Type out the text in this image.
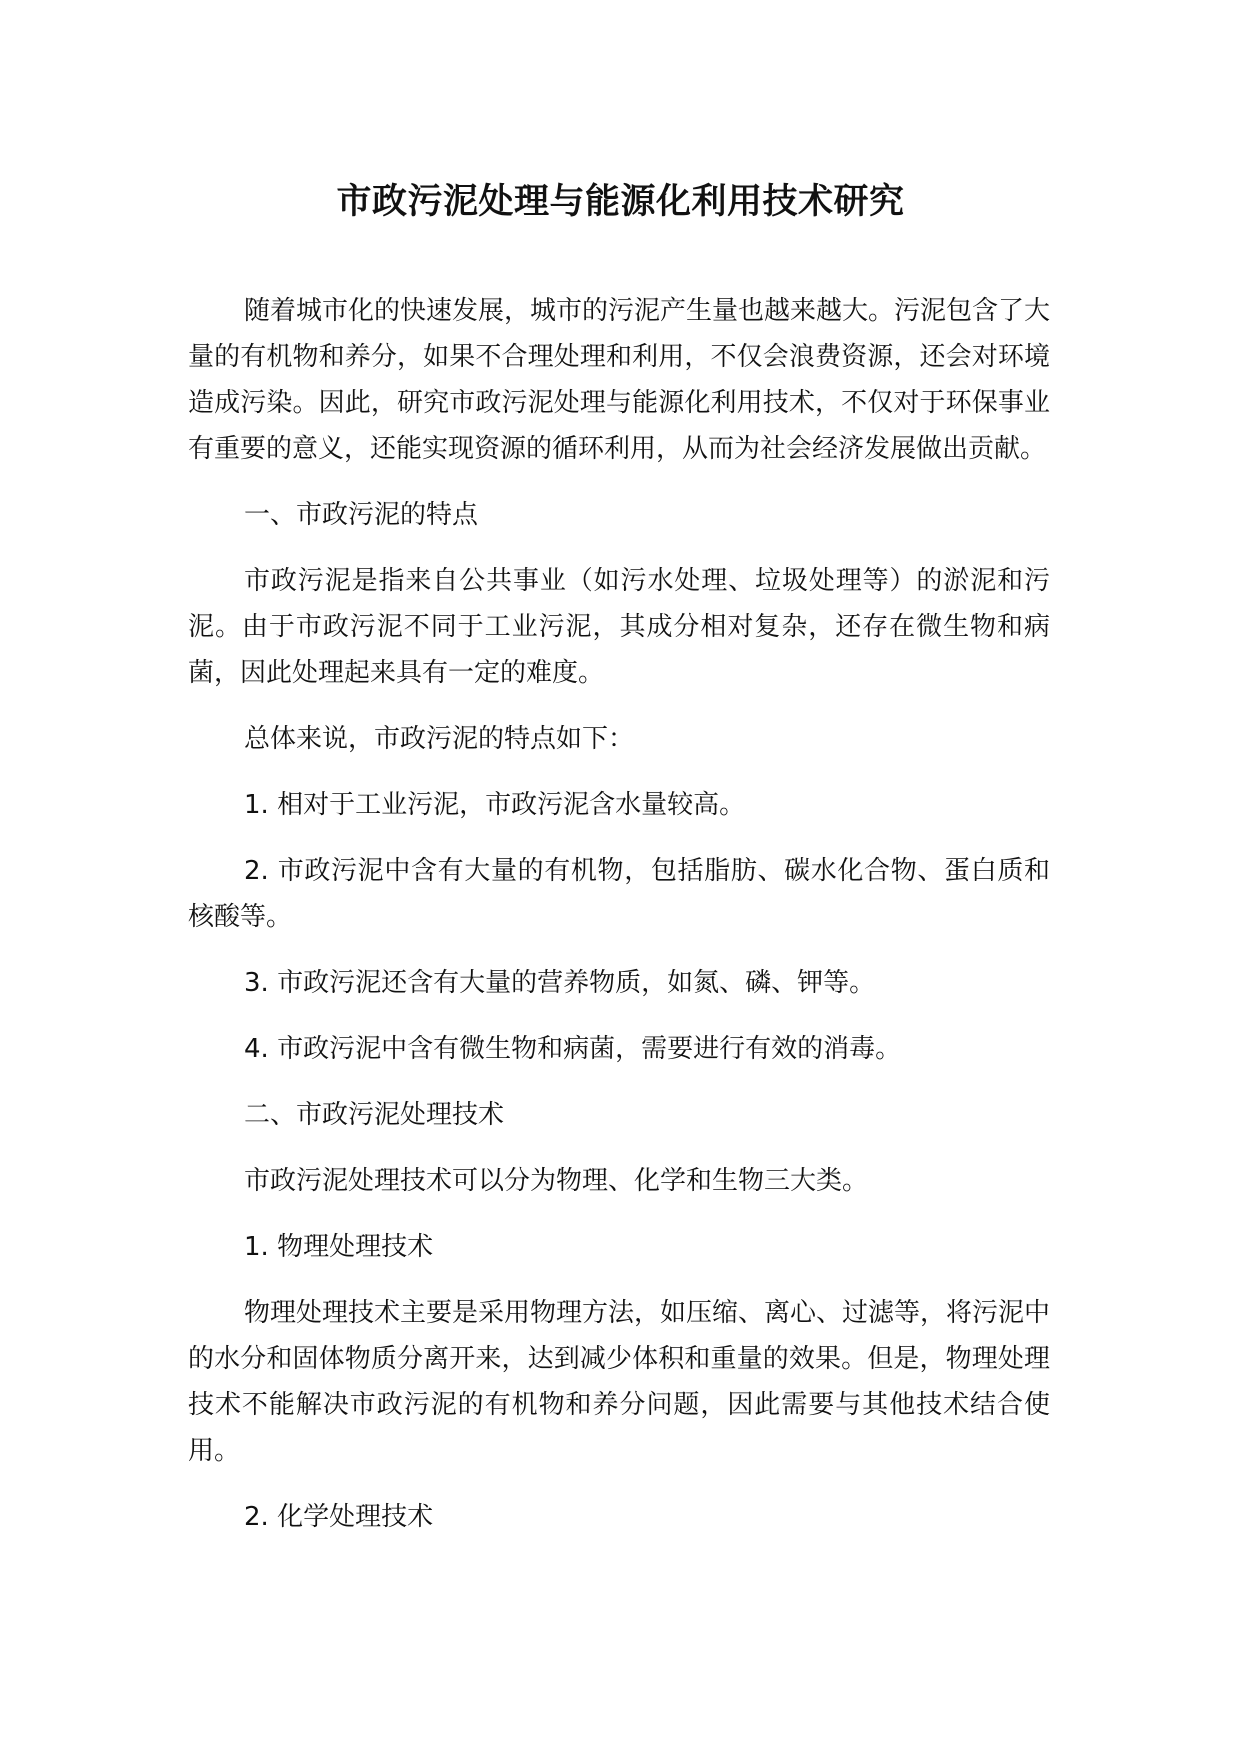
市政污泥处理与能源化利用技术研究

随着城市化的快速发展，城市的污泥产生量也越来越大。污泥包含了大量的有机物和养分，如果不合理处理和利用，不仅会浪费资源，还会对环境造成污染。因此，研究市政污泥处理与能源化利用技术，不仅对于环保事业有重要的意义，还能实现资源的循环利用，从而为社会经济发展做出贡献。

一、市政污泥的特点

市政污泥是指来自公共事业（如污水处理、垃圾处理等）的淤泥和污泥。由于市政污泥不同于工业污泥，其成分相对复杂，还存在微生物和病菌，因此处理起来具有一定的难度。

总体来说，市政污泥的特点如下：

1. 相对于工业污泥，市政污泥含水量较高。

2. 市政污泥中含有大量的有机物，包括脂肪、碳水化合物、蛋白质和核酸等。

3. 市政污泥还含有大量的营养物质，如氮、磷、钾等。

4. 市政污泥中含有微生物和病菌，需要进行有效的消毒。

二、市政污泥处理技术

市政污泥处理技术可以分为物理、化学和生物三大类。

1. 物理处理技术

物理处理技术主要是采用物理方法，如压缩、离心、过滤等，将污泥中的水分和固体物质分离开来，达到减少体积和重量的效果。但是，物理处理技术不能解决市政污泥的有机物和养分问题，因此需要与其他技术结合使用。

2. 化学处理技术
